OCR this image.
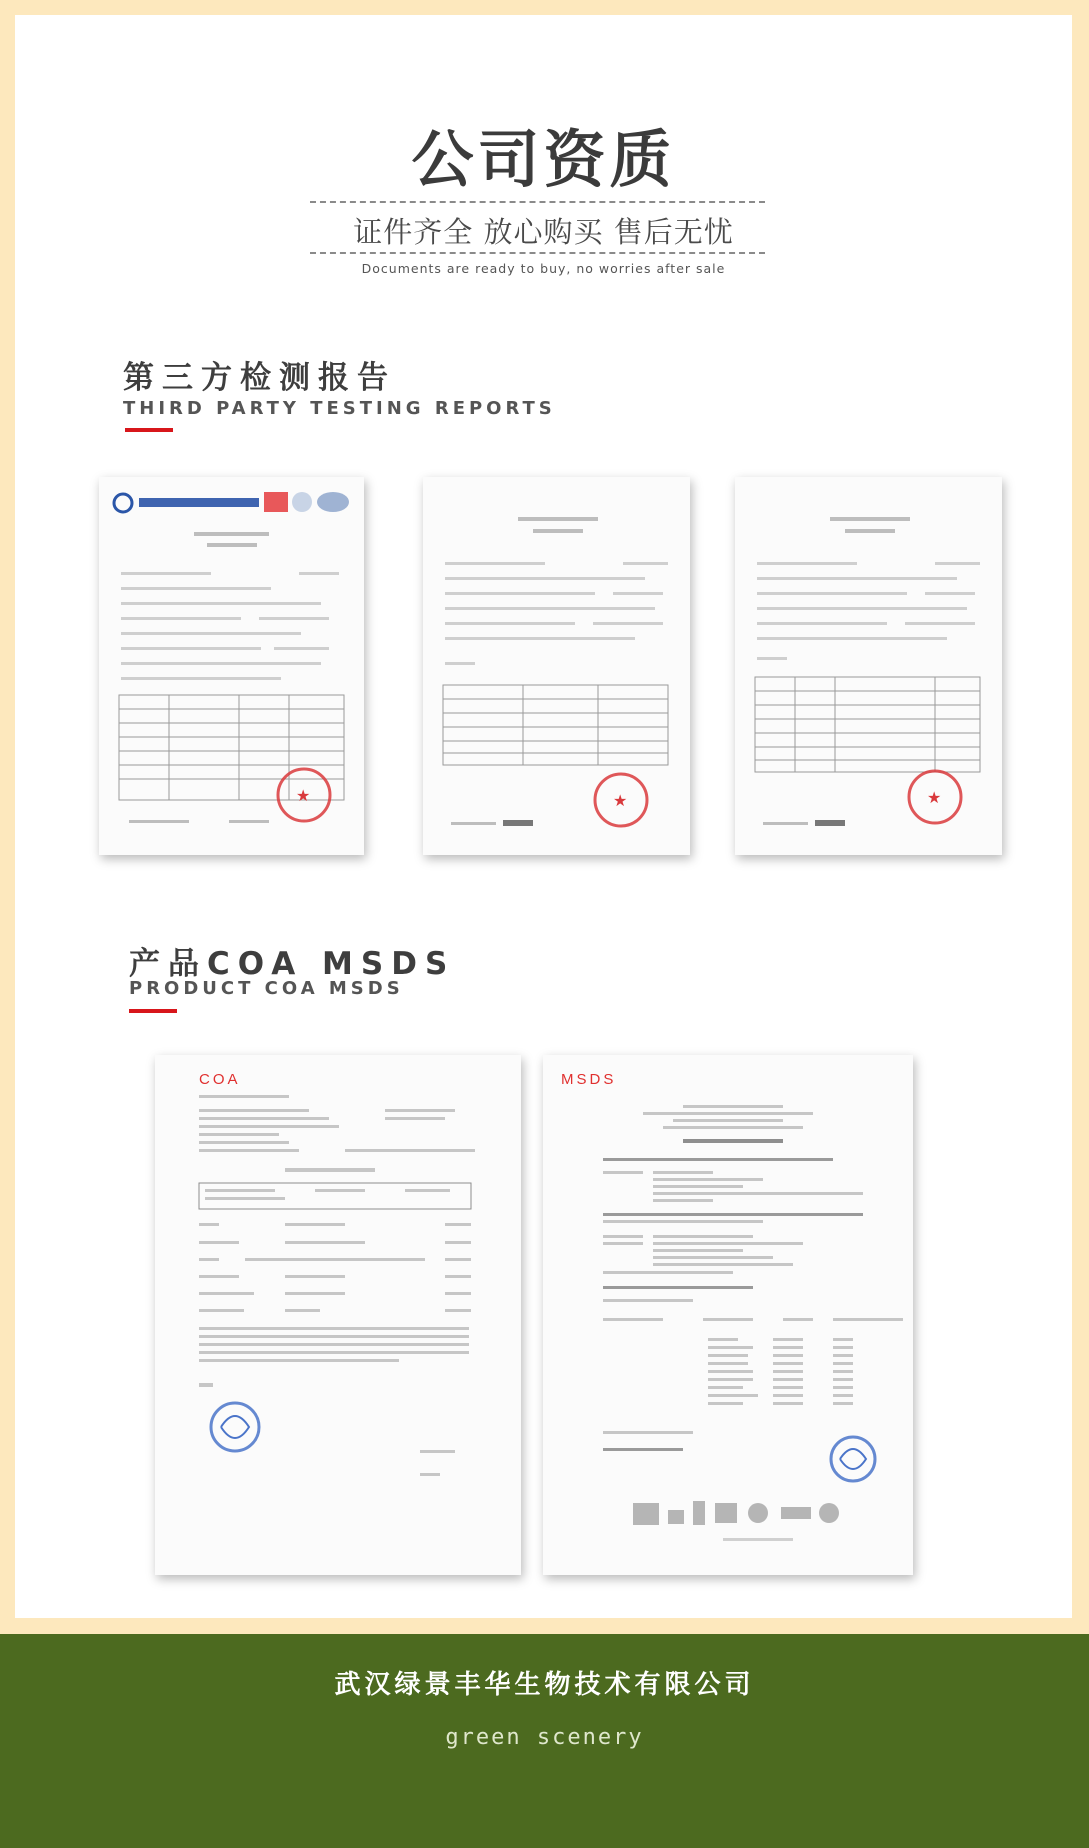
公司资质
证件齐全 放心购买 售后无忧
Documents are ready to buy, no worries after sale
第三方检测报告
THIRD PARTY TESTING REPORTS
★	★	★
产品COA MSDS
PRODUCT COA MSDS
COA	MSDS
武汉绿景丰华生物技术有限公司
green scenery
